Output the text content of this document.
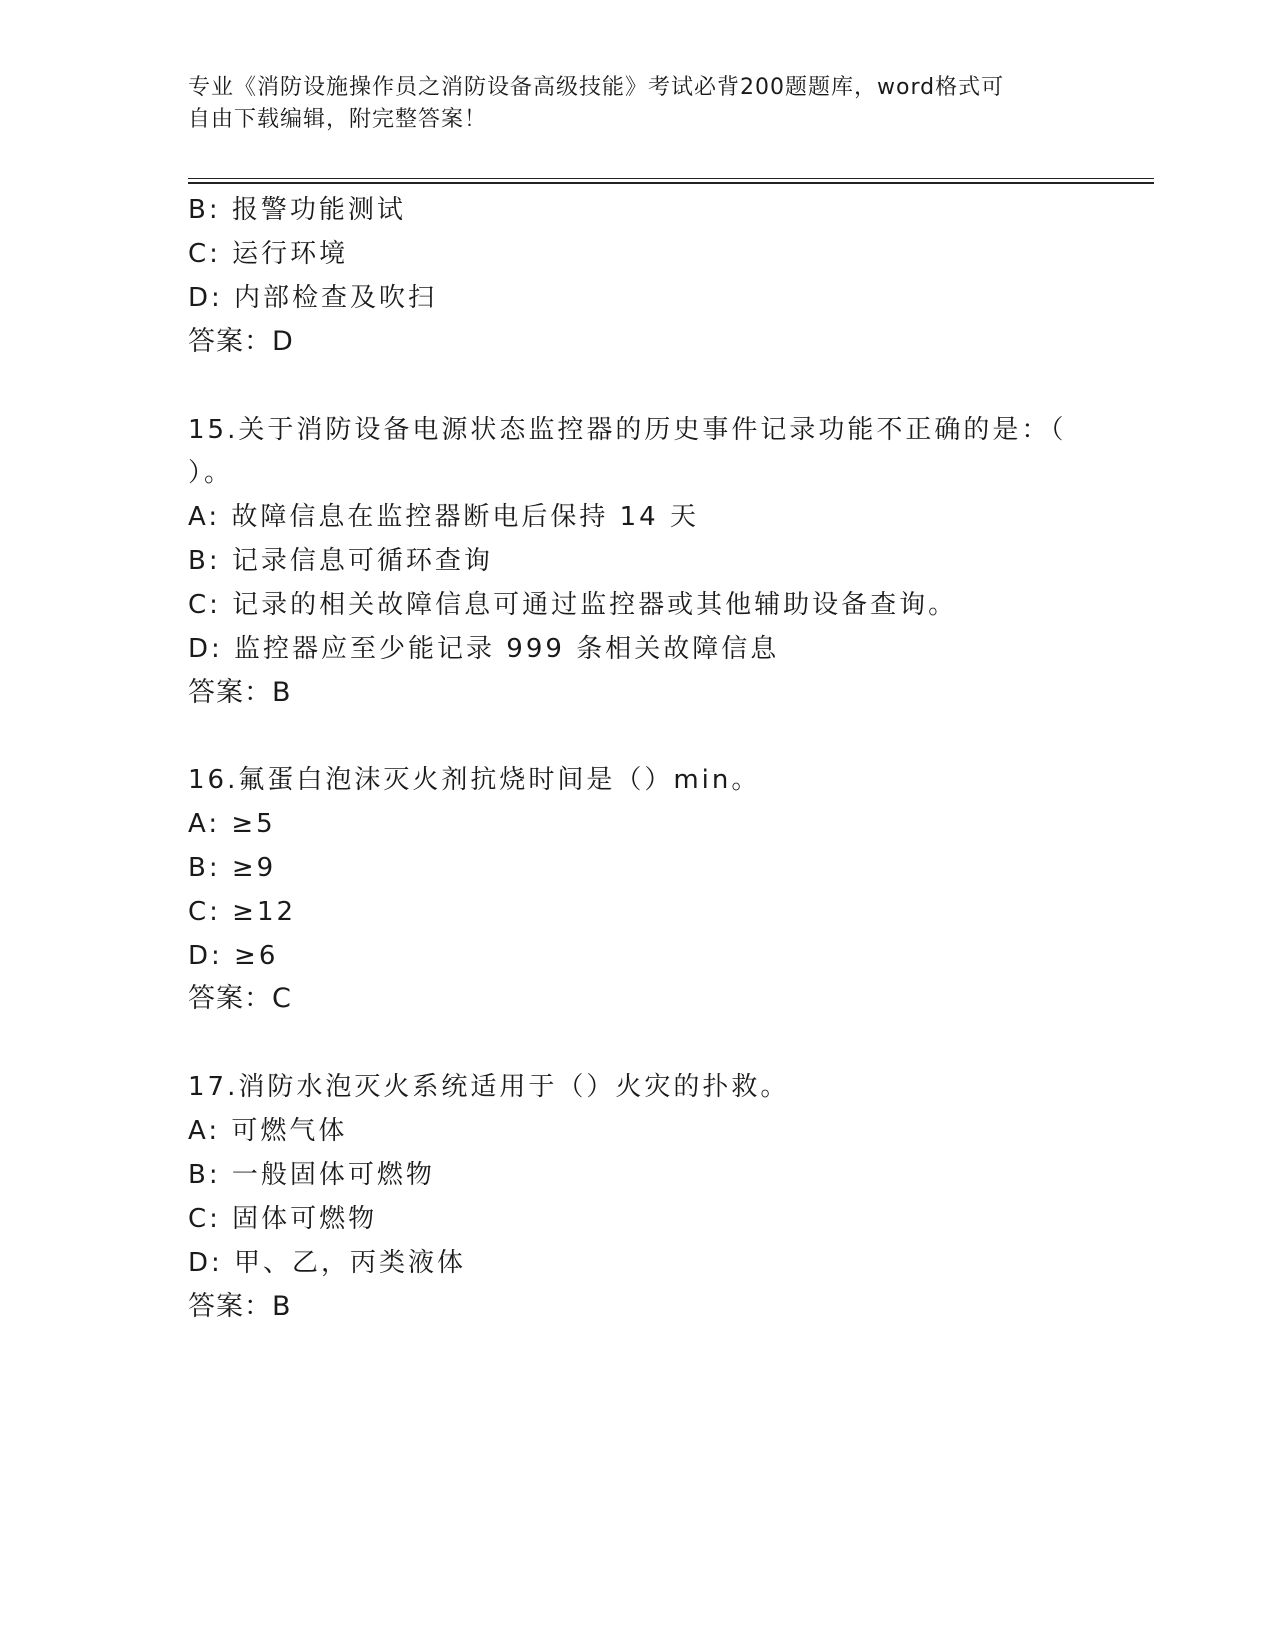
专业《消防设施操作员之消防设备高级技能》考试必背200题题库，word格式可
自由下载编辑，附完整答案！
B: 报警功能测试
C: 运行环境
D: 内部检查及吹扫
答案：D
15.关于消防设备电源状态监控器的历史事件记录功能不正确的是：（
）。
A: 故障信息在监控器断电后保持 14 天
B: 记录信息可循环查询
C: 记录的相关故障信息可通过监控器或其他辅助设备查询。
D: 监控器应至少能记录 999 条相关故障信息
答案：B
16.氟蛋白泡沫灭火剂抗烧时间是（）min。
A: ≥5
B: ≥9
C: ≥12
D: ≥6
答案：C
17.消防水泡灭火系统适用于（）火灾的扑救。
A: 可燃气体
B: 一般固体可燃物
C: 固体可燃物
D: 甲、乙，丙类液体
答案：B
